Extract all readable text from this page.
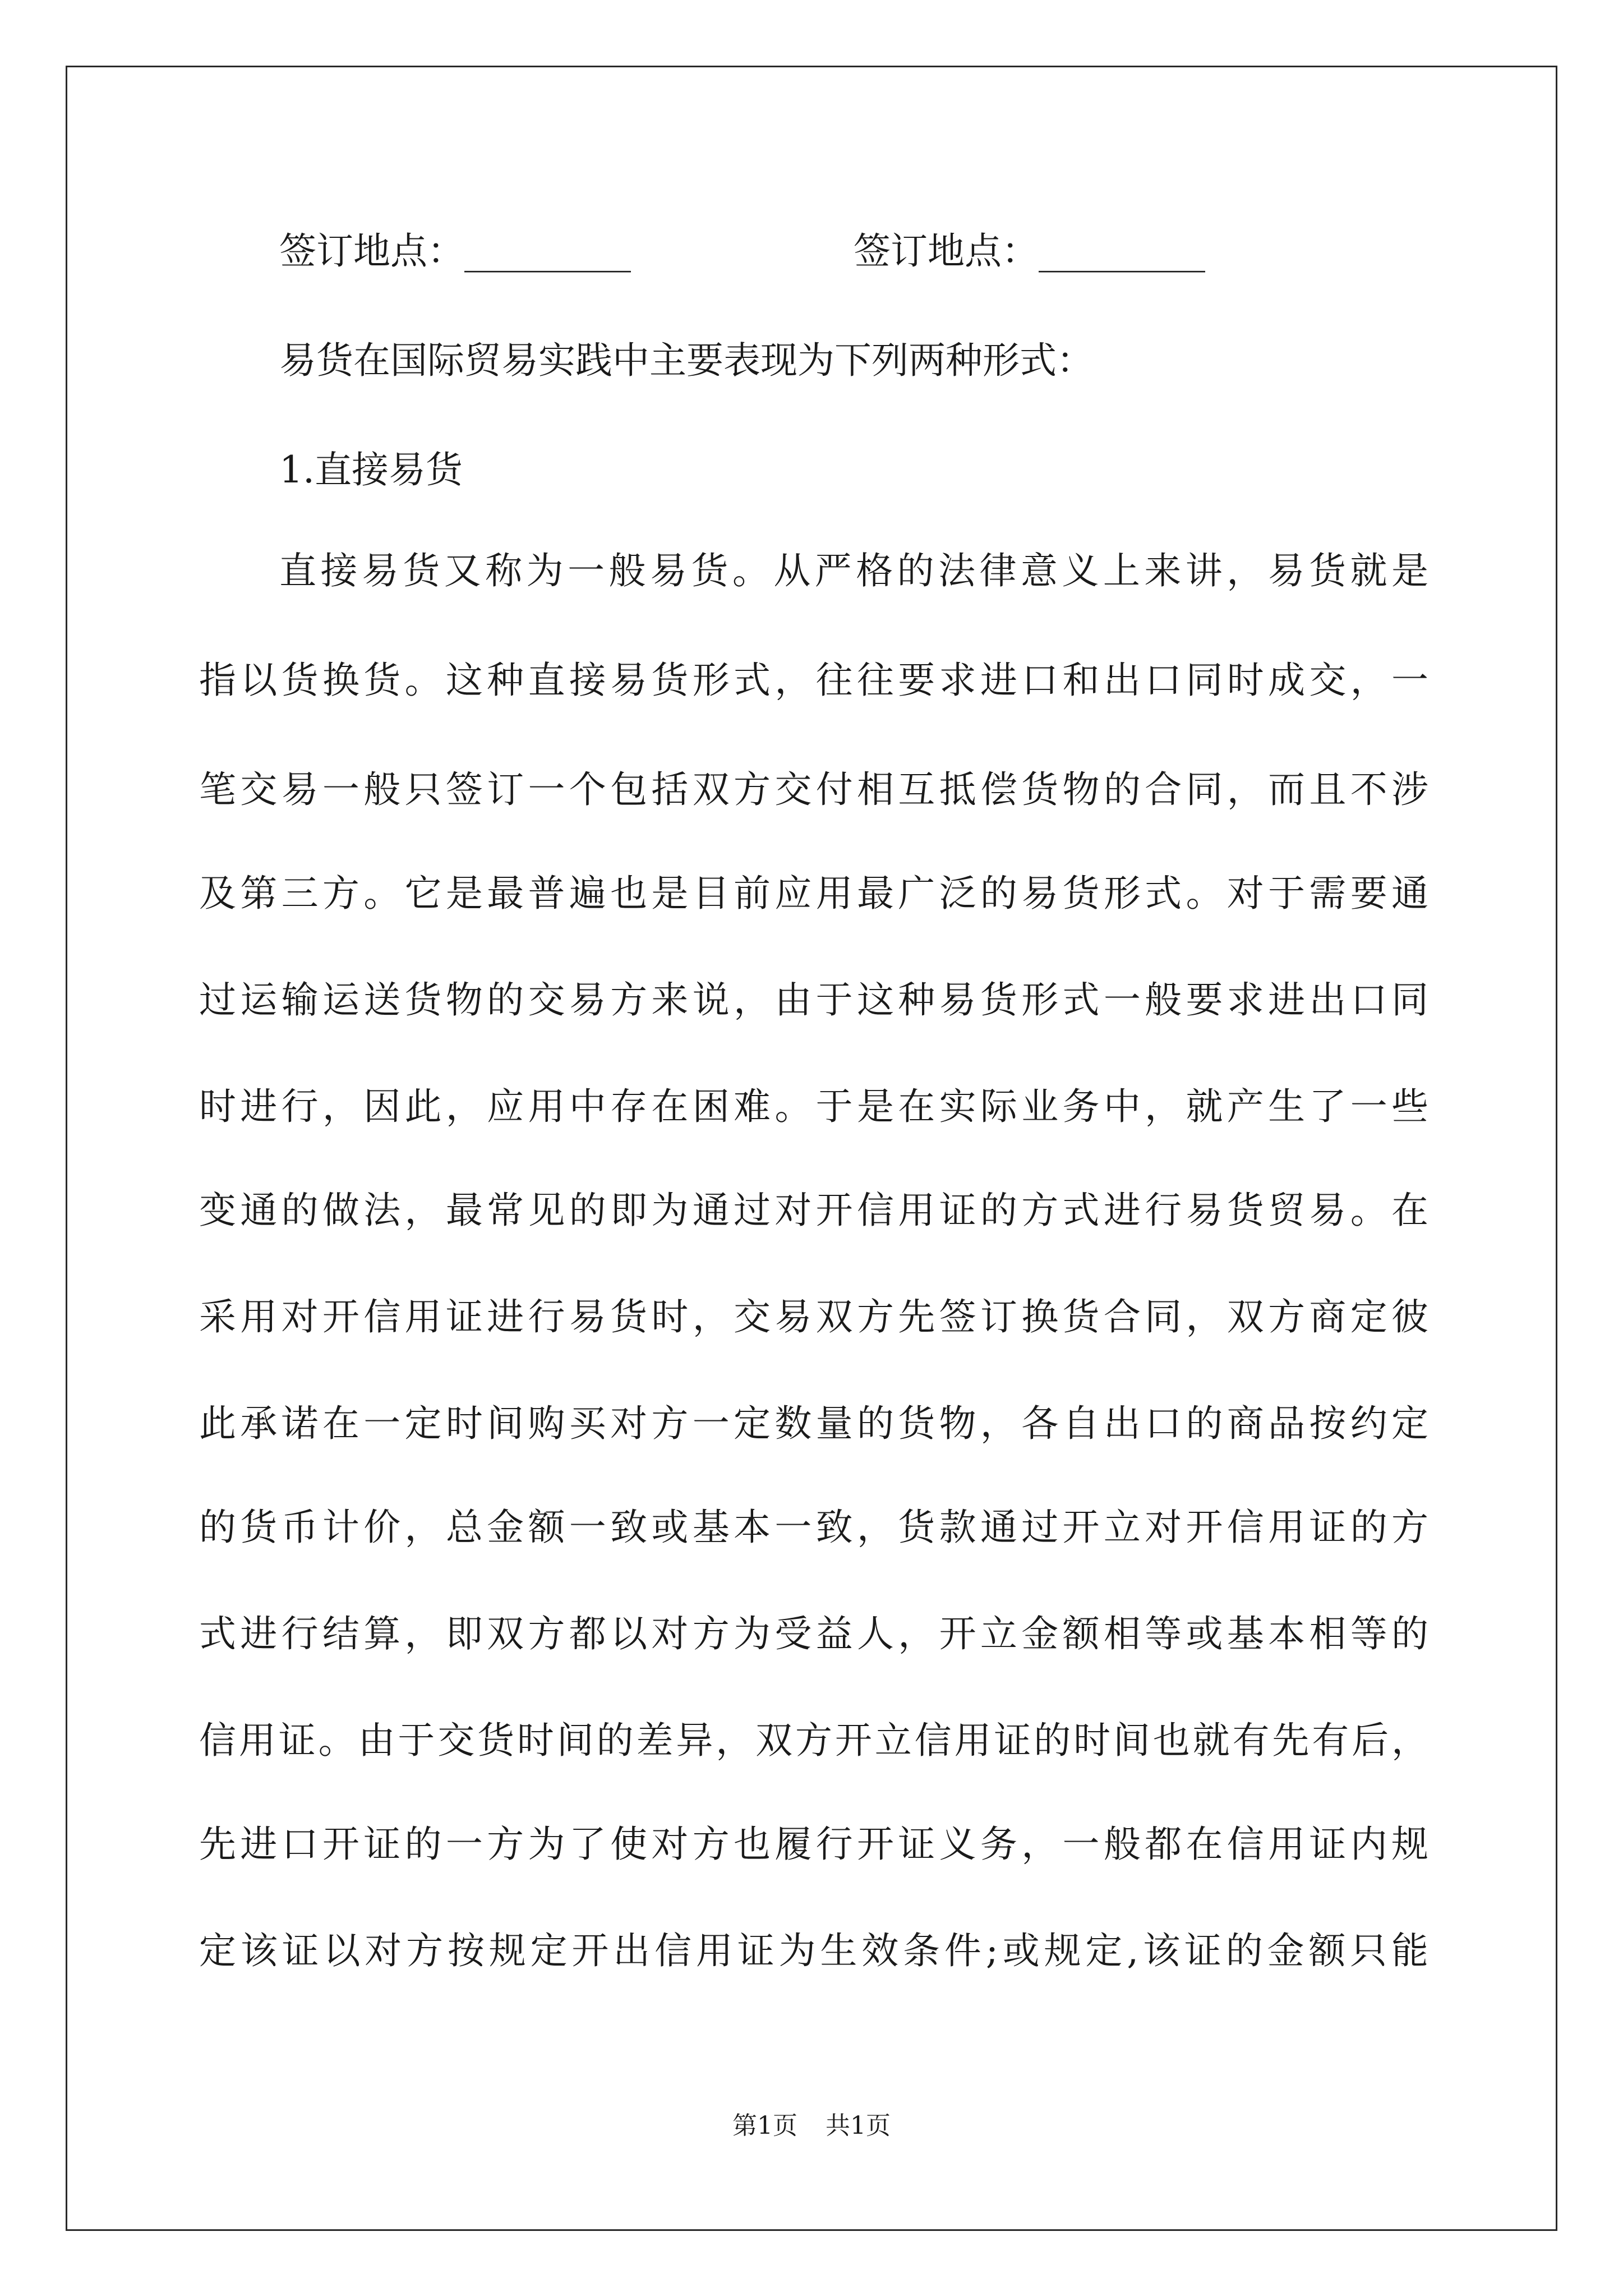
签订地点：_________	签订地点：_________
易货在国际贸易实践中主要表现为下列两种形式：
1.直接易货
直接易货又称为一般易货。从严格的法律意义上来讲，易货就是
指以货换货。这种直接易货形式，往往要求进口和出口同时成交，一
笔交易一般只签订一个包括双方交付相互抵偿货物的合同，而且不涉
及第三方。它是最普遍也是目前应用最广泛的易货形式。对于需要通
过运输运送货物的交易方来说，由于这种易货形式一般要求进出口同
时进行，因此，应用中存在困难。于是在实际业务中，就产生了一些
变通的做法，最常见的即为通过对开信用证的方式进行易货贸易。在
采用对开信用证进行易货时，交易双方先签订换货合同，双方商定彼
此承诺在一定时间购买对方一定数量的货物，各自出口的商品按约定
的货币计价，总金额一致或基本一致，货款通过开立对开信用证的方
式进行结算，即双方都以对方为受益人，开立金额相等或基本相等的
信用证。由于交货时间的差异，双方开立信用证的时间也就有先有后，
先进口开证的一方为了使对方也履行开证义务，一般都在信用证内规
定该证以对方按规定开出信用证为生效条件;或规定,该证的金额只能
第1页 共1页
